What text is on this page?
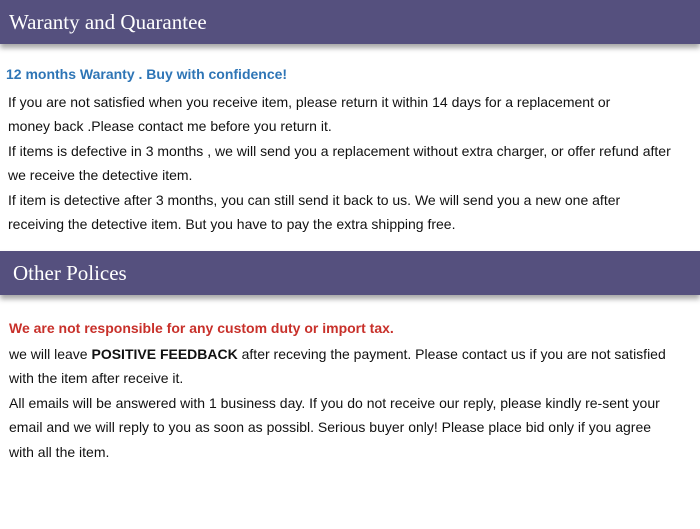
Waranty and Quarantee
12 months Waranty . Buy with confidence!
If you are not satisfied when you receive item, please return it within 14 days for a replacement or
money back .Please contact me before you return it.
If items is defective in 3 months , we will send you a replacement without extra charger, or offer refund after
we receive the detective item.
If item is detective after 3 months, you can still send it back to us. We will send you a new one after
receiving the detective item. But you have to pay the extra shipping free.
Other Polices
We are not responsible for any custom duty or import tax.
we will leave POSITIVE FEEDBACK after receving the payment. Please contact us if you are not satisfied
with the item after receive it.
All emails will be answered with 1 business day. If you do not receive our reply, please kindly re-sent your
email and we will reply to you as soon as possibl. Serious buyer only! Please place bid only if you agree
with all the item.
